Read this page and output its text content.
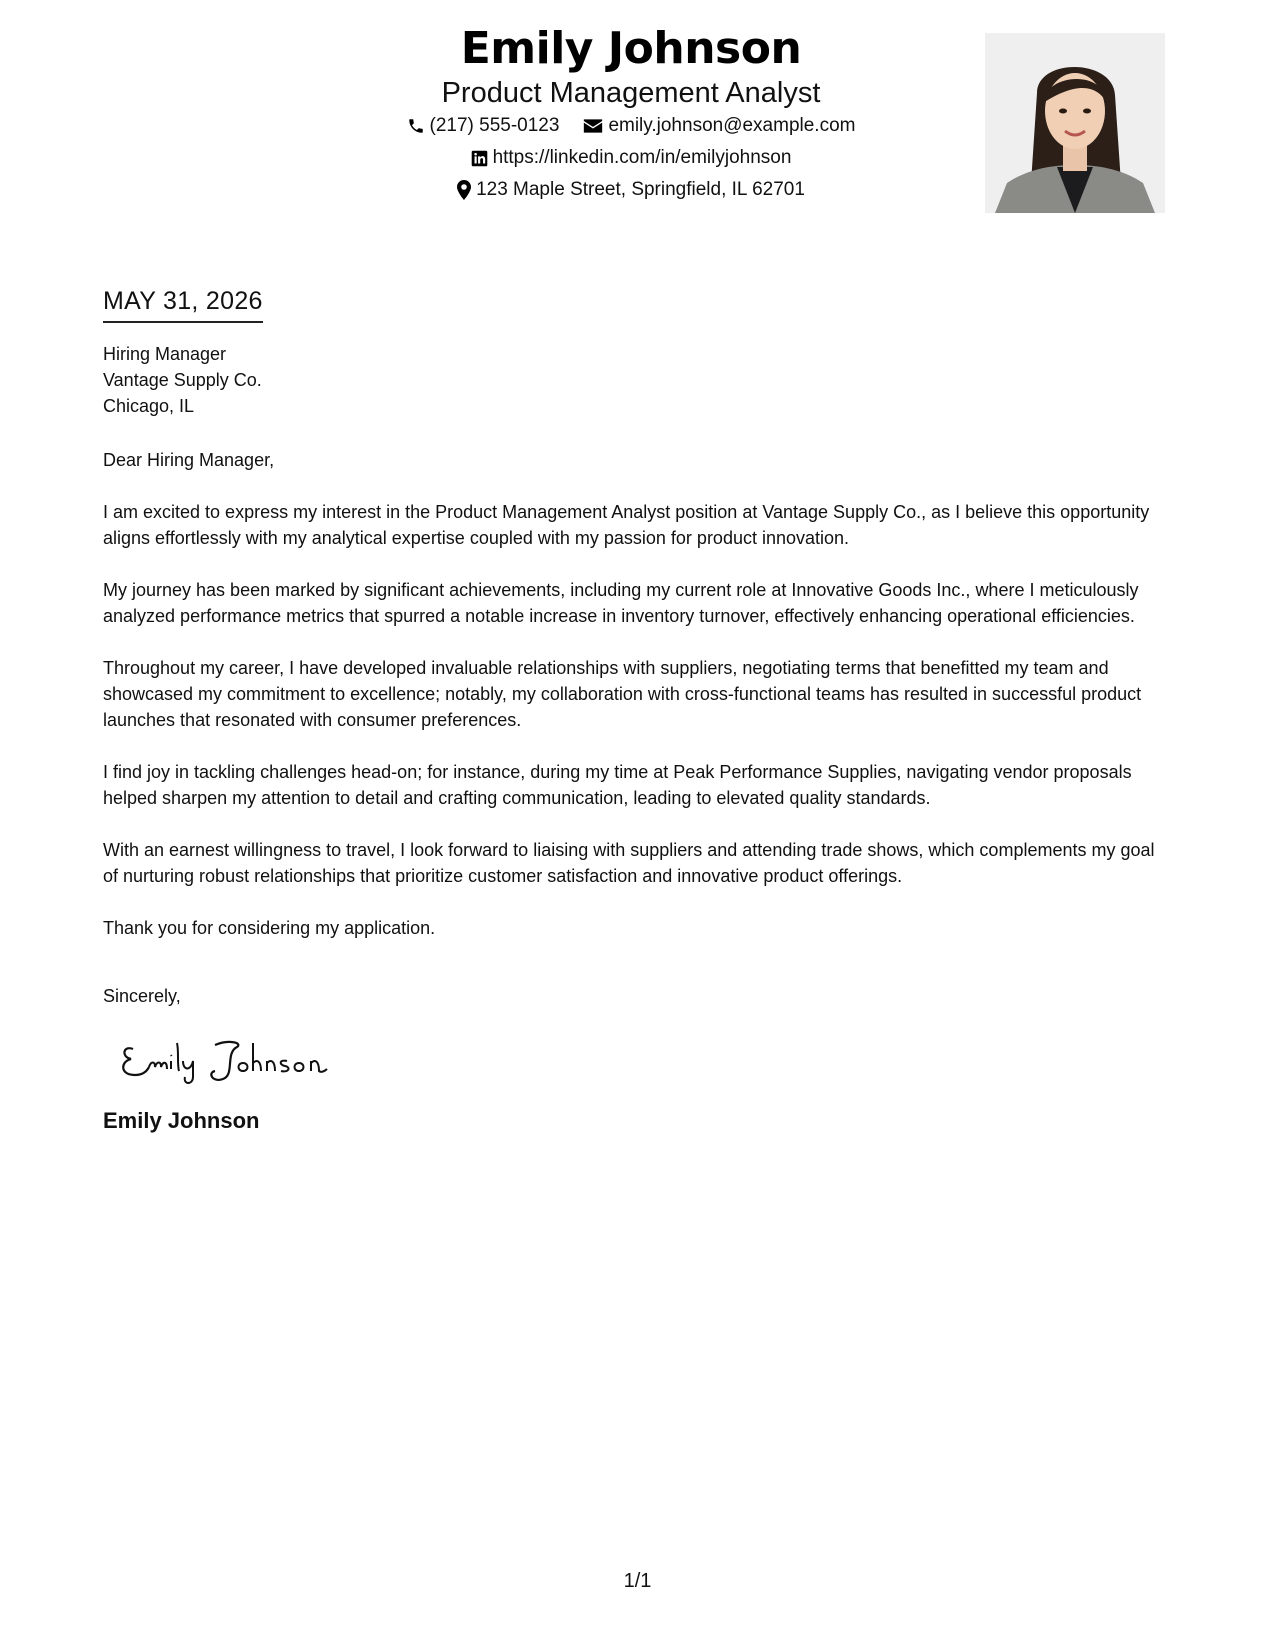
Emily Johnson
Product Management Analyst
(217) 555-0123	emily.johnson@example.com
https://linkedin.com/in/emilyjohnson
123 Maple Street, Springfield, IL 62701
MAY 31, 2026
Hiring Manager
Vantage Supply Co.
Chicago, IL
Dear Hiring Manager,
I am excited to express my interest in the Product Management Analyst position at Vantage Supply Co., as I believe this opportunity aligns effortlessly with my analytical expertise coupled with my passion for product innovation.
My journey has been marked by significant achievements, including my current role at Innovative Goods Inc., where I meticulously analyzed performance metrics that spurred a notable increase in inventory turnover, effectively enhancing operational efficiencies.
Throughout my career, I have developed invaluable relationships with suppliers, negotiating terms that benefitted my team and showcased my commitment to excellence; notably, my collaboration with cross-functional teams has resulted in successful product launches that resonated with consumer preferences.
I find joy in tackling challenges head-on; for instance, during my time at Peak Performance Supplies, navigating vendor proposals helped sharpen my attention to detail and crafting communication, leading to elevated quality standards.
With an earnest willingness to travel, I look forward to liaising with suppliers and attending trade shows, which complements my goal of nurturing robust relationships that prioritize customer satisfaction and innovative product offerings.
Thank you for considering my application.
Sincerely,
Emily Johnson
1/1
